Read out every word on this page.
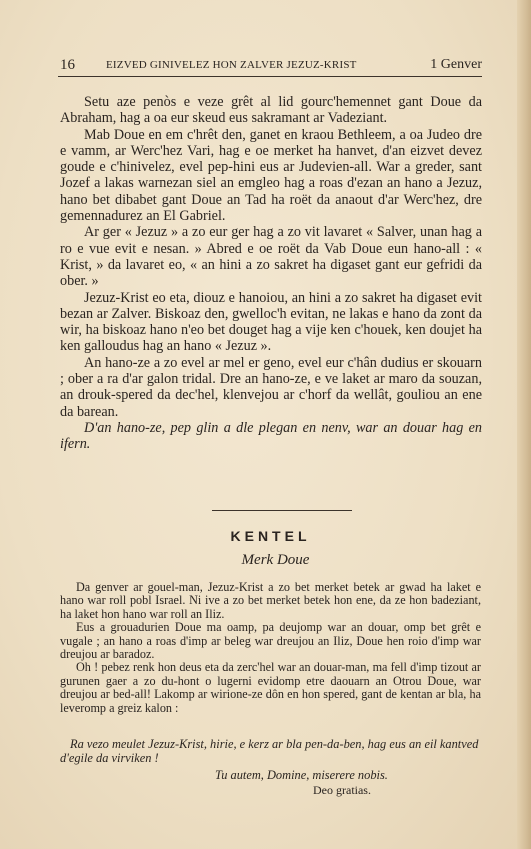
16	EIZVED GINIVELEZ HON ZALVER JEZUZ-KRIST	1 Genver

Setu aze penòs e veze grêt al lid gourc'hemennet gant Doue da Abraham, hag a oa eur skeud eus sakramant ar Vadeziant.

Mab Doue en em c'hrêt den, ganet en kraou Bethleem, a oa Judeo dre e vamm, ar Werc'hez Vari, hag e oe merket ha hanvet, d'an eizvet devez goude e c'hinivelez, evel pep-hini eus ar Judevien-all. War a greder, sant Jozef a lakas warnezan siel an emgleo hag a roas d'ezan an hano a Jezuz, hano bet dibabet gant Doue an Tad ha roët da anaout d'ar Werc'hez, dre gemennadurez an El Gabriel.

Ar ger « Jezuz » a zo eur ger hag a zo vit lavaret « Salver, unan hag a ro e vue evit e nesan. » Abred e oe roët da Vab Doue eun hano-all : « Krist, » da lavaret eo, « an hini a zo sakret ha digaset gant eur gefridi da ober. »

Jezuz-Krist eo eta, diouz e hanoiou, an hini a zo sakret ha digaset evit bezan ar Zalver. Biskoaz den, gwelloc'h evitan, ne lakas e hano da zont da wir, ha biskoaz hano n'eo bet douget hag a vije ken c'houek, ken doujet ha ken galloudus hag an hano « Jezuz ».

An hano-ze a zo evel ar mel er geno, evel eur c'hân dudius er skouarn ; ober a ra d'ar galon tridal. Dre an hano-ze, e ve laket ar maro da souzan, an drouk-spered da dec'hel, klenvejou ar c'horf da wellât, gouliou an ene da barean.

D'an hano-ze, pep glin a dle plegan en nenv, war an douar hag en ifern.

KENTEL
Merk Doue

Da genver ar gouel-man, Jezuz-Krist a zo bet merket betek ar gwad ha laket e hano war roll pobl Israel. Ni ive a zo bet merket betek hon ene, da ze hon badeziant, ha laket hon hano war roll an Iliz.

Eus a grouadurien Doue ma oamp, pa deujomp war an douar, omp bet grêt e vugale ; an hano a roas d'imp ar beleg war dreujou an Iliz, Doue hen roio d'imp war dreujou ar baradoz.

Oh ! pebez renk hon deus eta da zerc'hel war an douar-man, ma fell d'imp tizout ar gurunen gaer a zo du-hont o lugerni evidomp etre daouarn an Otrou Doue, war dreujou ar bed-all! Lakomp ar wirione-ze dôn en hon spered, gant de kentan ar bla, ha leveromp a greiz kalon :

Ra vezo meulet Jezuz-Krist, hirie, e kerz ar bla pen-da-ben, hag eus an eil kantved d'egile da virviken !

Tu autem, Domine, miserere nobis.
Deo gratias.
